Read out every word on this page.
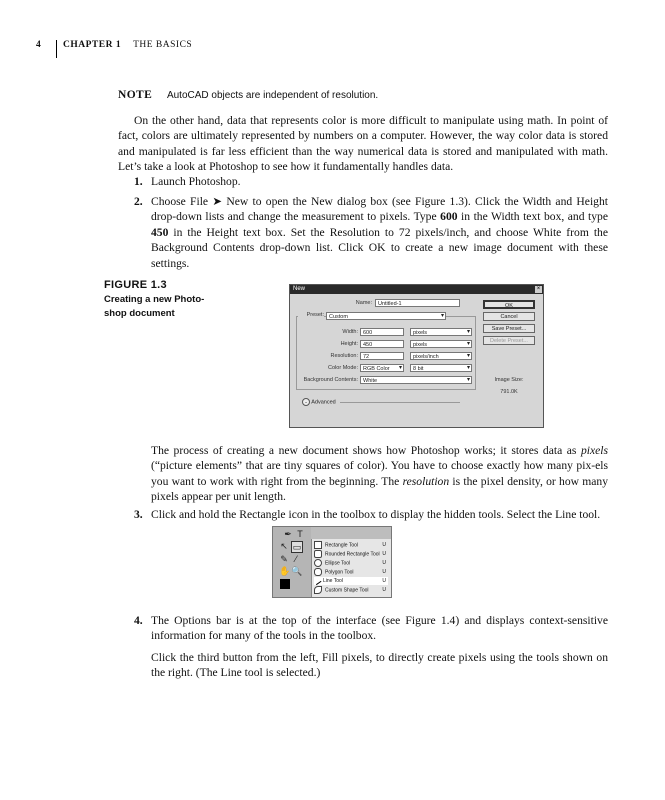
4	CHAPTER 1 THE BASICS
NOTE AutoCAD objects are independent of resolution.
On the other hand, data that represents color is more difficult to manipulate using math. In point of fact, colors are ultimately represented by numbers on a computer. However, the way color data is stored and manipulated is far less efficient than the way numerical data is stored and manipulated with math. Let’s take a look at Photoshop to see how it fundamentally handles data.
1. Launch Photoshop.
2. Choose File ➤ New to open the New dialog box (see Figure 1.3). Click the Width and Height drop-down lists and change the measurement to pixels. Type 600 in the Width text box, and type 450 in the Height text box. Set the Resolution to 72 pixels/inch, and choose White from the Background Contents drop-down list. Click OK to create a new image document with these settings.
FIGURE 1.3
Creating a new Photo-shop document
New	×
Name:	Untitled-1
Preset: Custom ▾
Width: 600	pixels ▾
Height: 450	pixels ▾
Resolution: 72	pixels/inch ▾
Color Mode: RGB Color ▾	8 bit ▾
Background Contents: White ▾
⌄ Advanced
OK
Cancel
Save Preset...
Delete Preset...
Image Size:
791.0K
The process of creating a new document shows how Photoshop works; it stores data as pixels (“picture elements” that are tiny squares of color). You have to choose exactly how many pix-els you want to work with right from the beginning. The resolution is the pixel density, or how many pixels appear per unit length.
3. Click and hold the Rectangle icon in the toolbox to display the hidden tools. Select the Line tool.
✒ T
↖ ▭
✎ ⁄
✋ 🔍
Rectangle Tool	U
Rounded Rectangle Tool U
Ellipse Tool	U
Polygon Tool	U
Line Tool	U
Custom Shape Tool	U
4. The Options bar is at the top of the interface (see Figure 1.4) and displays context-sensitive information for many of the tools in the toolbox.
Click the third button from the left, Fill pixels, to directly create pixels using the tools shown on the right. (The Line tool is selected.)
